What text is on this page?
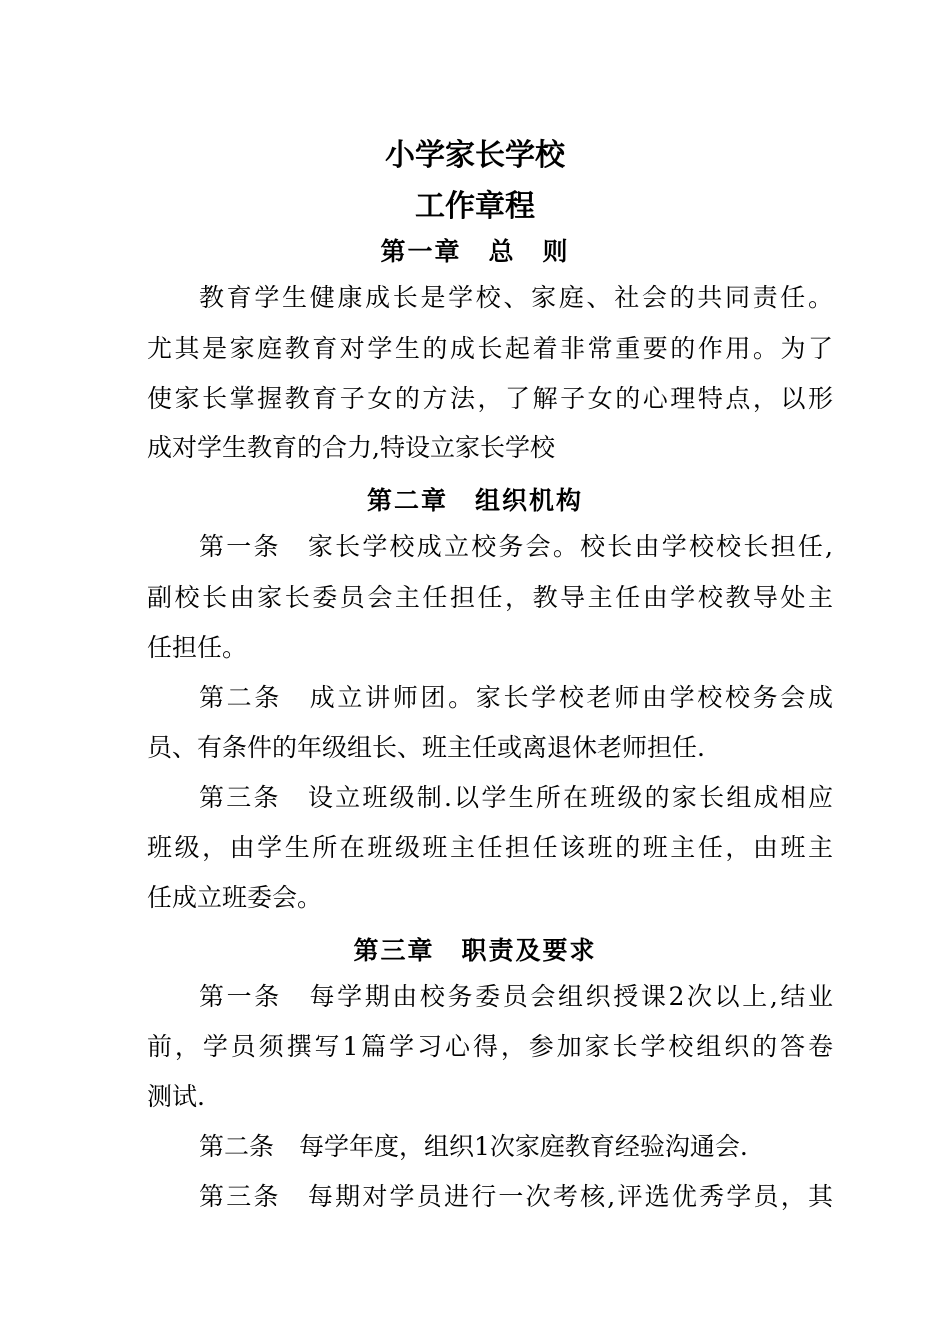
小学家长学校
工作章程
第一章　总　则
教育学生健康成长是学校、家庭、社会的共同责任。
尤其是家庭教育对学生的成长起着非常重要的作用。为了
使家长掌握教育子女的方法，了解子女的心理特点，以形
成对学生教育的合力,特设立家长学校
第二章　组织机构
第一条　家长学校成立校务会。校长由学校校长担任,
副校长由家长委员会主任担任，教导主任由学校教导处主
任担任。
第二条　成立讲师团。家长学校老师由学校校务会成
员、有条件的年级组长、班主任或离退休老师担任.
第三条　设立班级制.以学生所在班级的家长组成相应
班级，由学生所在班级班主任担任该班的班主任，由班主
任成立班委会。
第三章　职责及要求
第一条　每学期由校务委员会组织授课2次以上,结业
前，学员须撰写1篇学习心得，参加家长学校组织的答卷
测试.
第二条　每学年度，组织1次家庭教育经验沟通会.
第三条　每期对学员进行一次考核,评选优秀学员，其
